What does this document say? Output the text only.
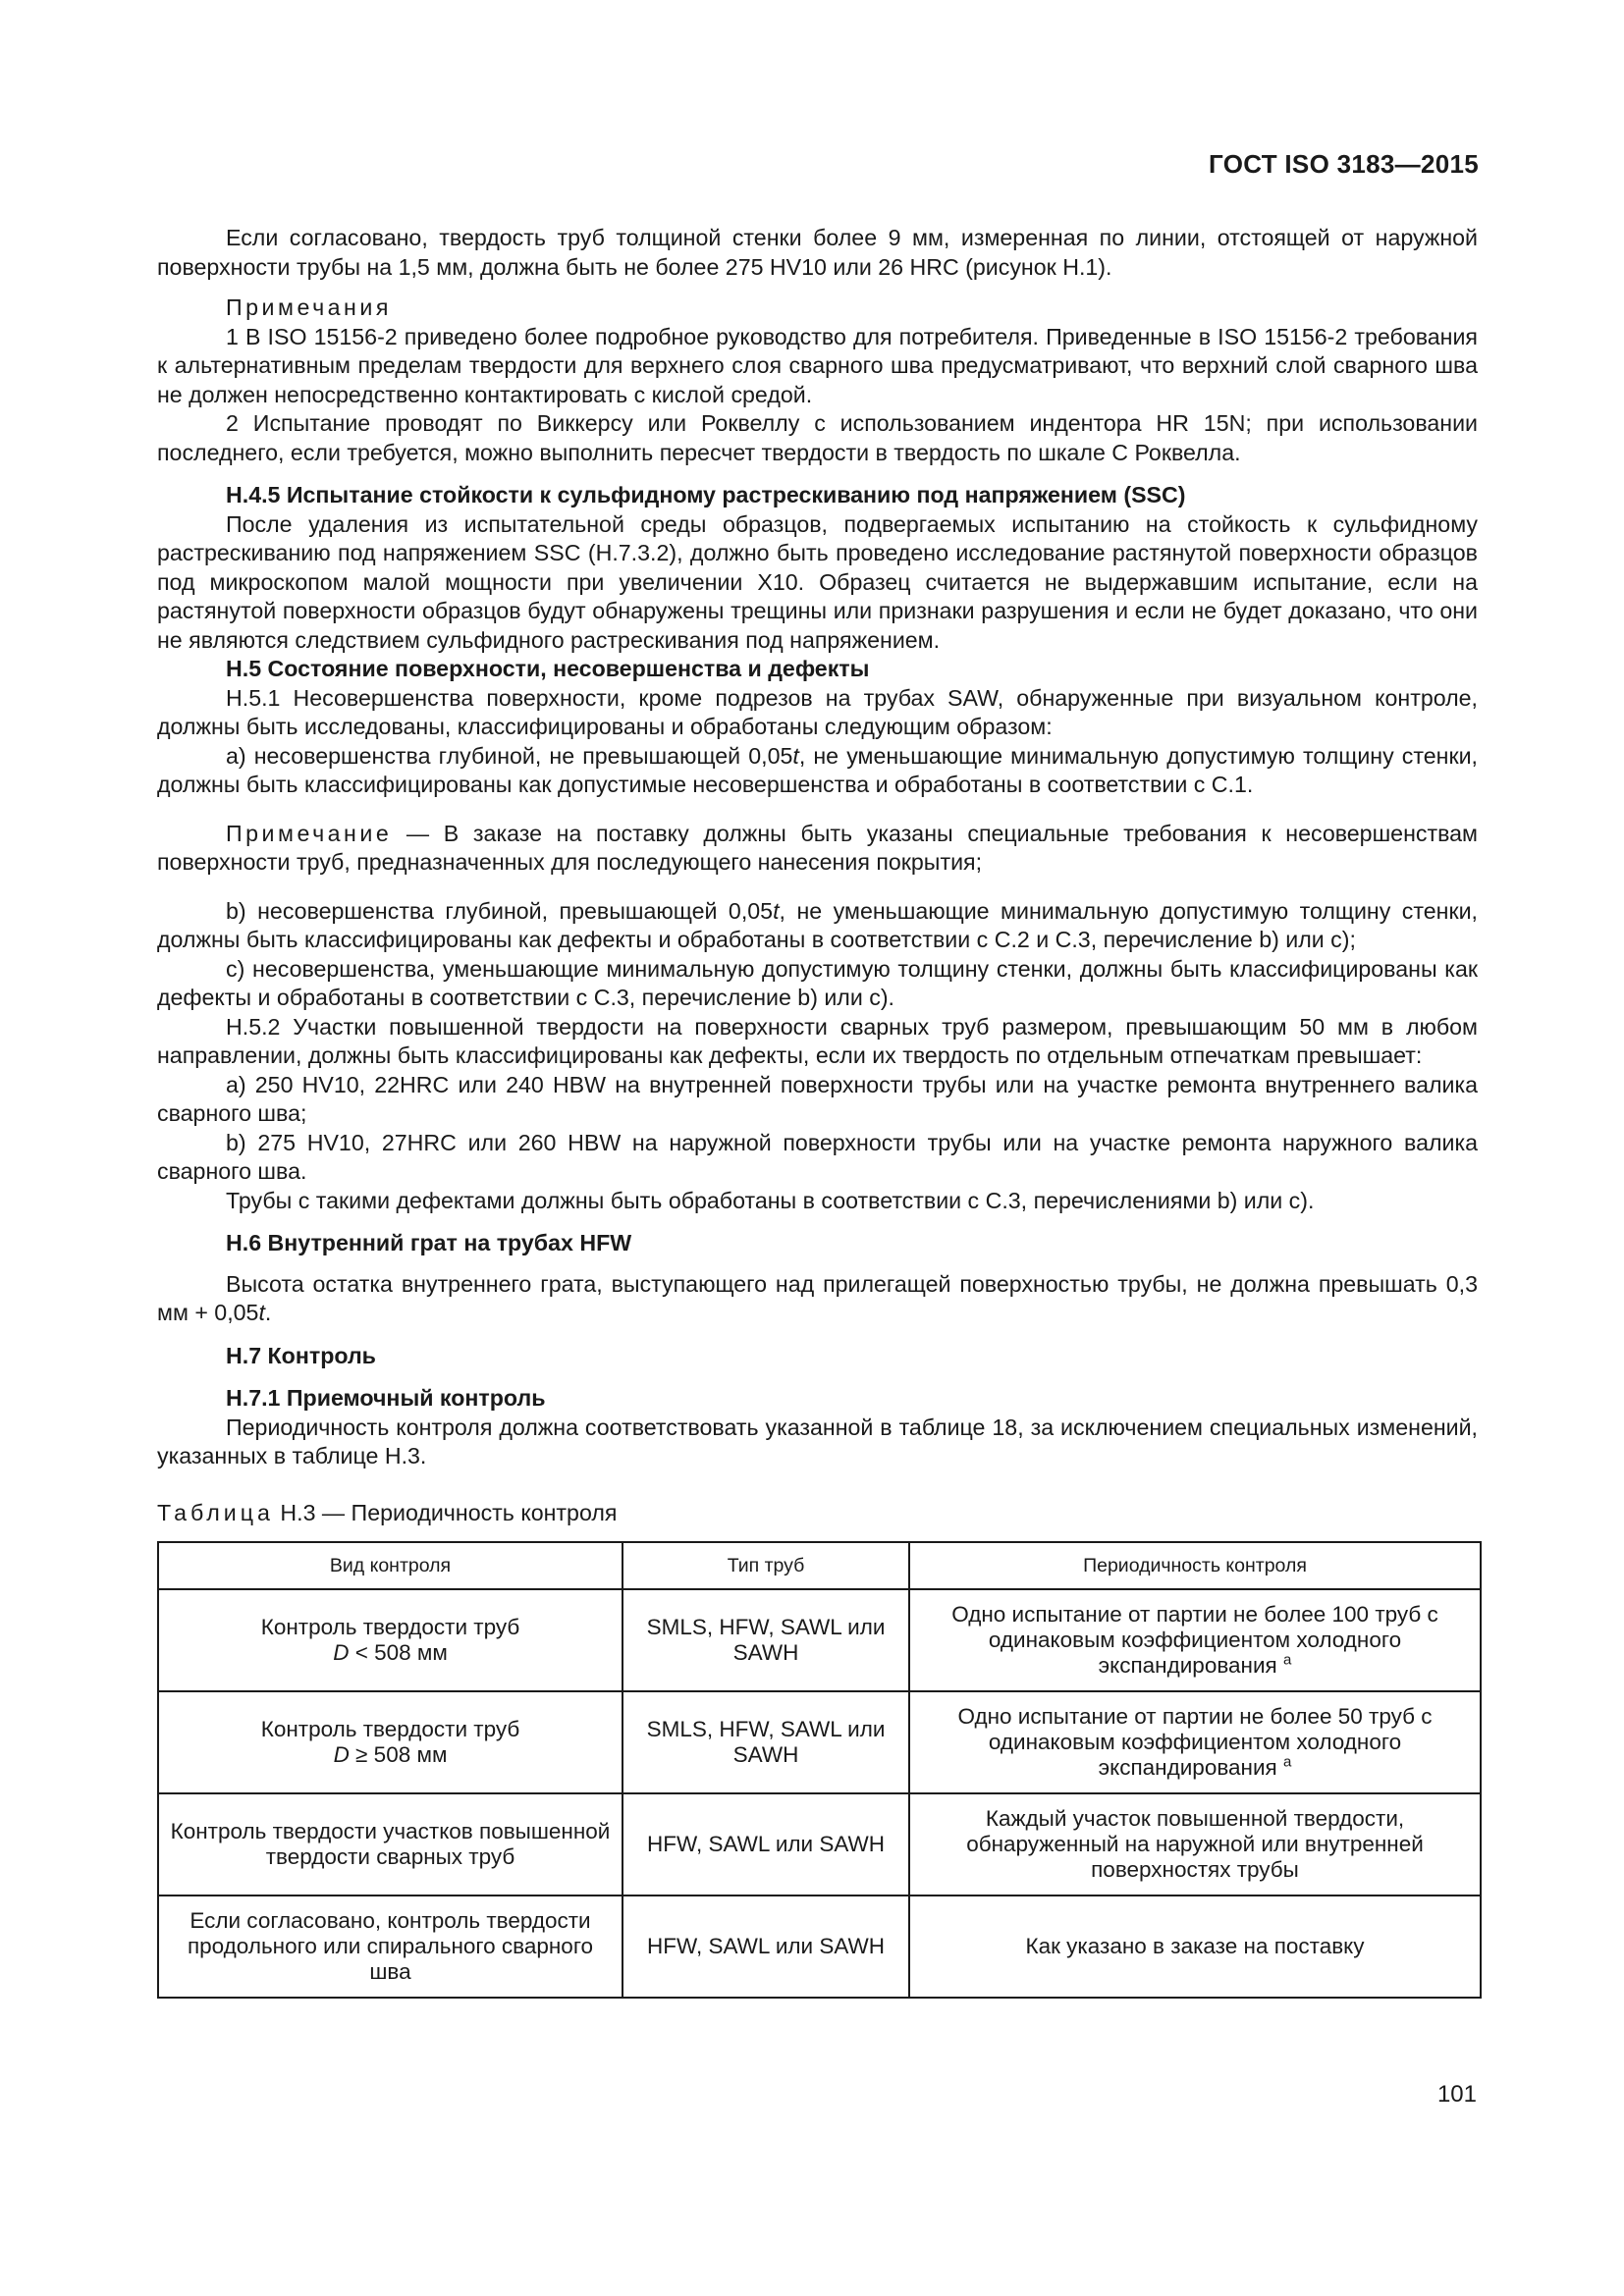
ГОСТ ISO 3183—2015

Если согласовано, твердость труб толщиной стенки более 9 мм, измеренная по линии, отстоящей от наружной поверхности трубы на 1,5 мм, должна быть не более 275 HV10 или 26 HRC (рисунок Н.1).

Примечания

1 В ISO 15156-2 приведено более подробное руководство для потребителя. Приведенные в ISO 15156-2 требования к альтернативным пределам твердости для верхнего слоя сварного шва предусматривают, что верхний слой сварного шва не должен непосредственно контактировать с кислой средой.

2 Испытание проводят по Виккерсу или Роквеллу с использованием индентора HR 15N; при использовании последнего, если требуется, можно выполнить пересчет твердости в твердость по шкале С Роквелла.

Н.4.5 Испытание стойкости к сульфидному растрескиванию под напряжением (SSC)

После удаления из испытательной среды образцов, подвергаемых испытанию на стойкость к сульфидному растрескиванию под напряжением SSC (Н.7.3.2), должно быть проведено исследование растянутой поверхности образцов под микроскопом малой мощности при увеличении X10. Образец считается не выдержавшим испытание, если на растянутой поверхности образцов будут обнаружены трещины или признаки разрушения и если не будет доказано, что они не являются следствием сульфидного растрескивания под напряжением.

Н.5 Состояние поверхности, несовершенства и дефекты

Н.5.1 Несовершенства поверхности, кроме подрезов на трубах SAW, обнаруженные при визуальном контроле, должны быть исследованы, классифицированы и обработаны следующим образом:

а) несовершенства глубиной, не превышающей 0,05t, не уменьшающие минимальную допустимую толщину стенки, должны быть классифицированы как допустимые несовершенства и обработаны в соответствии с С.1.

Примечание — В заказе на поставку должны быть указаны специальные требования к несовершенствам поверхности труб, предназначенных для последующего нанесения покрытия;

b) несовершенства глубиной, превышающей 0,05t, не уменьшающие минимальную допустимую толщину стенки, должны быть классифицированы как дефекты и обработаны в соответствии с С.2 и С.3, перечисление b) или с);

с) несовершенства, уменьшающие минимальную допустимую толщину стенки, должны быть классифицированы как дефекты и обработаны в соответствии с С.3, перечисление b) или с).

Н.5.2 Участки повышенной твердости на поверхности сварных труб размером, превышающим 50 мм в любом направлении, должны быть классифицированы как дефекты, если их твердость по отдельным отпечаткам превышает:

а) 250 HV10, 22HRC или 240 HBW на внутренней поверхности трубы или на участке ремонта внутреннего валика сварного шва;

b) 275 HV10, 27HRC или 260 HBW на наружной поверхности трубы или на участке ремонта наружного валика сварного шва.

Трубы с такими дефектами должны быть обработаны в соответствии с С.3, перечислениями b) или с).

Н.6 Внутренний грат на трубах HFW

Высота остатка внутреннего грата, выступающего над прилегащей поверхностью трубы, не должна превышать 0,3 мм + 0,05t.

Н.7 Контроль
Н.7.1 Приемочный контроль

Периодичность контроля должна соответствовать указанной в таблице 18, за исключением специальных изменений, указанных в таблице Н.3.

Таблица Н.3 — Периодичность контроля

Вид контроля	Тип труб	Периодичность контроля
Контроль твердости труб
D < 508 мм	SMLS, HFW, SAWL или SAWH	Одно испытание от партии не более 100 труб с одинаковым коэффициентом холодного экспандирования $^a$
Контроль твердости труб
D ≥ 508 мм	SMLS, HFW, SAWL или SAWH	Одно испытание от партии не более 50 труб с одинаковым коэффициентом холодного экспандирования $^a$
Контроль твердости участков повышенной твердости сварных труб	HFW, SAWL или SAWH	Каждый участок повышенной твердости, обнаруженный на наружной или внутренней поверхностях трубы
Если согласовано, контроль твердости продольного или спирального сварного шва	HFW, SAWL или SAWH	Как указано в заказе на поставку
101
